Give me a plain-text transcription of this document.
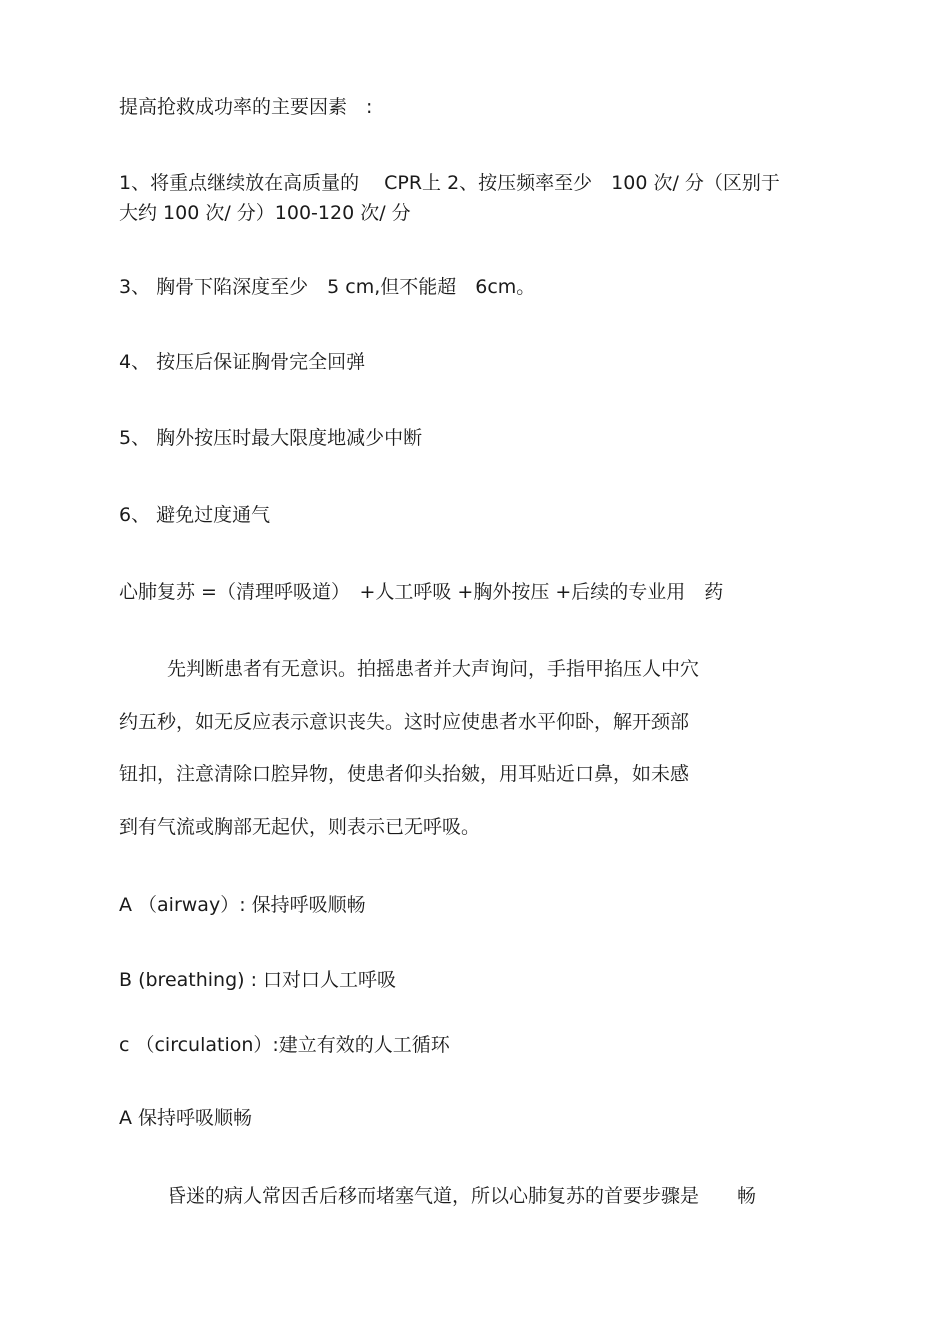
提高抢救成功率的主要因素　:
1、将重点继续放在高质量的　 CPR上 2、按压频率至少　100 次/ 分（区别于
大约 100 次/ 分）100-120 次/ 分
3、 胸骨下陷深度至少　5 cm,但不能超　6cm。
4、 按压后保证胸骨完全回弹
5、 胸外按压时最大限度地减少中断
6、 避免过度通气
心肺复苏 =（清理呼吸道）　+人工呼吸 +胸外按压 +后续的专业用　药
先判断患者有无意识。拍摇患者并大声询问，手指甲掐压人中穴
约五秒，如无反应表示意识丧失。这时应使患者水平仰卧，解开颈部
钮扣，注意清除口腔异物，使患者仰头抬皴，用耳贴近口鼻，如未感
到有气流或胸部无起伏，则表示已无呼吸。
A （airway）: 保持呼吸顺畅
B (breathing) : 口对口人工呼吸
c （circulation）:建立有效的人工循环
A 保持呼吸顺畅
昏迷的病人常因舌后移而堵塞气道，所以心肺复苏的首要步骤是　　畅
